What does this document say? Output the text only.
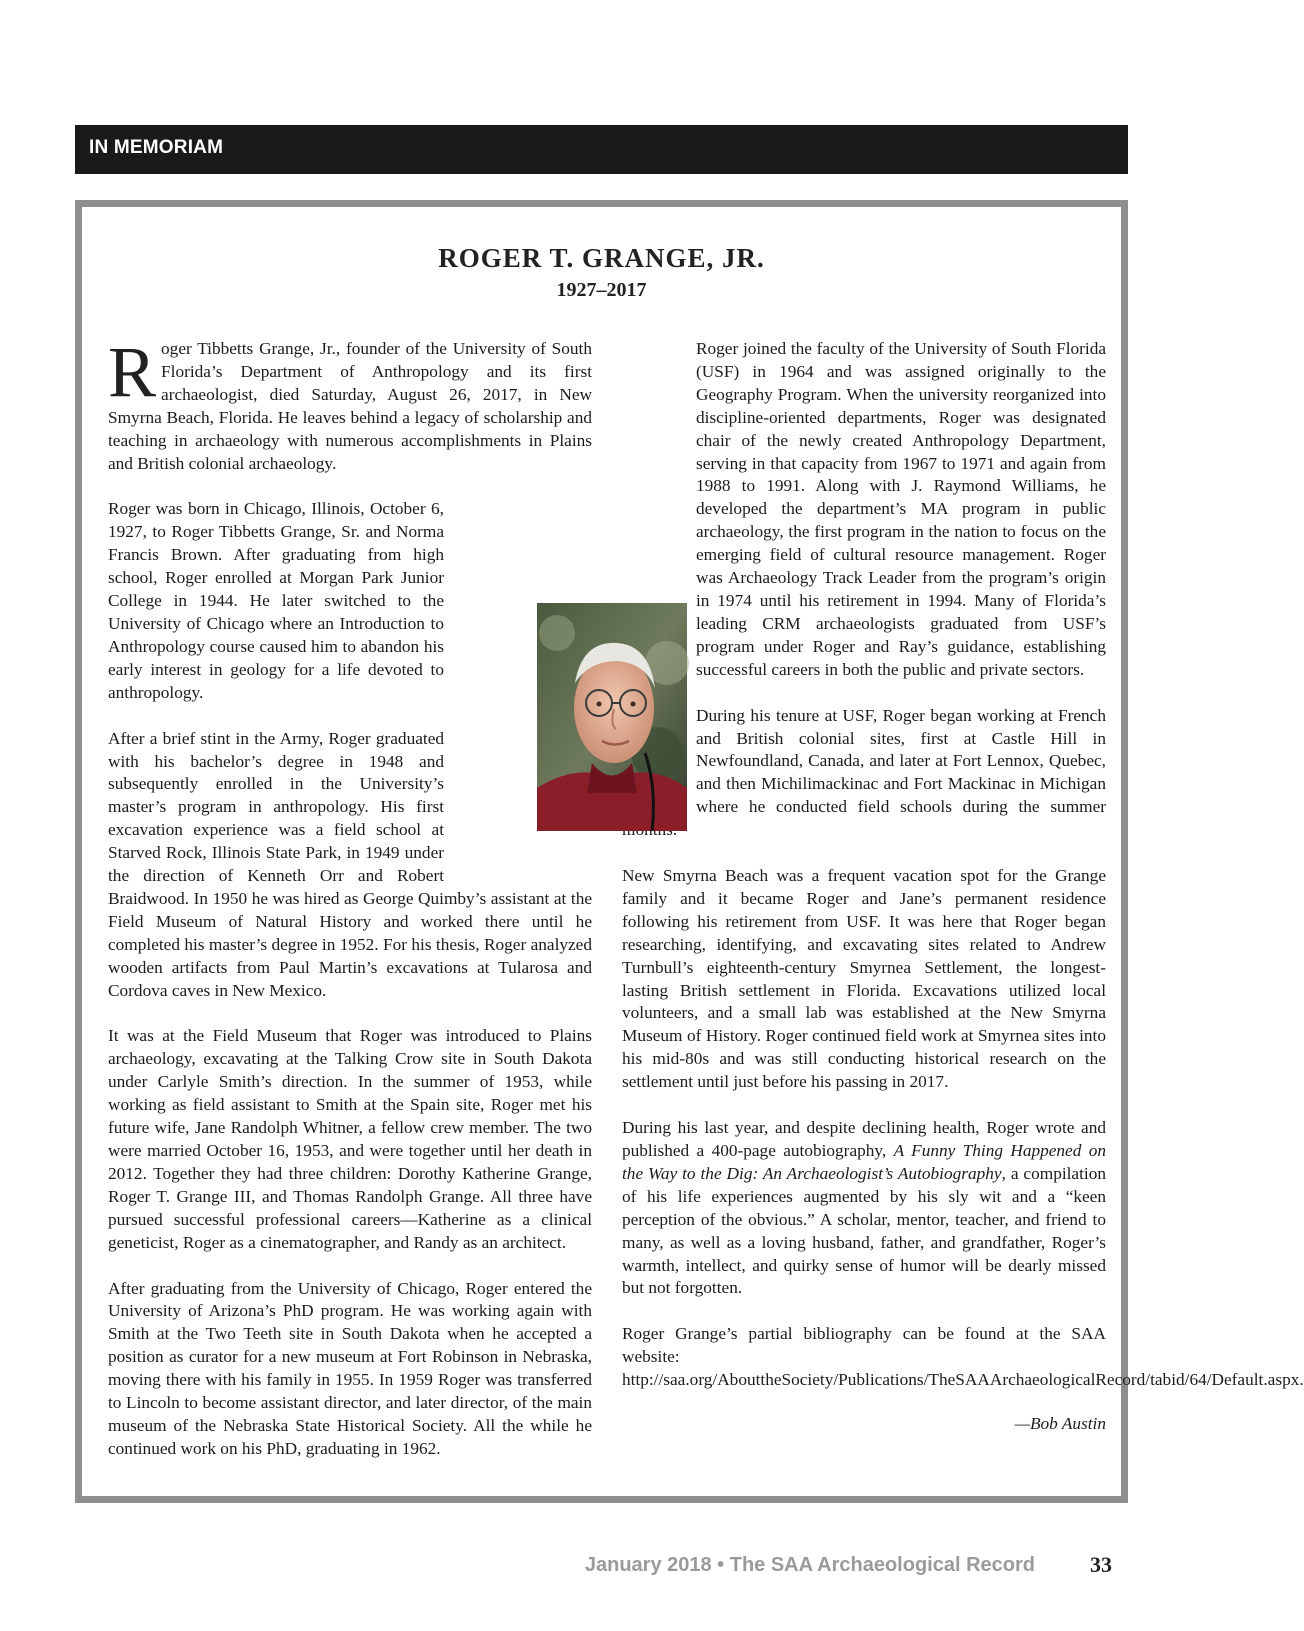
IN MEMORIAM
ROGER T. GRANGE, JR.
1927–2017

Roger Tibbetts Grange, Jr., founder of the University of South Florida’s Department of Anthropology and its first archaeologist, died Saturday, August 26, 2017, in New Smyrna Beach, Florida. He leaves behind a legacy of scholarship and teaching in archaeology with numerous accomplishments in Plains and British colonial archaeology.

Roger was born in Chicago, Illinois, October 6, 1927, to Roger Tibbetts Grange, Sr. and Norma Francis Brown. After graduating from high school, Roger enrolled at Morgan Park Junior College in 1944. He later switched to the University of Chicago where an Introduction to Anthropology course caused him to abandon his early interest in geology for a life devoted to anthropology.

After a brief stint in the Army, Roger graduated with his bachelor’s degree in 1948 and subsequently enrolled in the University’s master’s program in anthropology. His first excavation experience was a field school at Starved Rock, Illinois State Park, in 1949 under the direction of Kenneth Orr and Robert Braidwood. In 1950 he was hired as George Quimby’s assistant at the Field Museum of Natural History and worked there until he completed his master’s degree in 1952. For his thesis, Roger analyzed wooden artifacts from Paul Martin’s excavations at Tularosa and Cordova caves in New Mexico.

It was at the Field Museum that Roger was introduced to Plains archaeology, excavating at the Talking Crow site in South Dakota under Carlyle Smith’s direction. In the summer of 1953, while working as field assistant to Smith at the Spain site, Roger met his future wife, Jane Randolph Whitner, a fellow crew member. The two were married October 16, 1953, and were together until her death in 2012. Together they had three children: Dorothy Katherine Grange, Roger T. Grange III, and Thomas Randolph Grange. All three have pursued successful professional careers—Katherine as a clinical geneticist, Roger as a cinematographer, and Randy as an architect.

After graduating from the University of Chicago, Roger entered the University of Arizona’s PhD program. He was working again with Smith at the Two Teeth site in South Dakota when he accepted a position as curator for a new museum at Fort Robinson in Nebraska, moving there with his family in 1955. In 1959 Roger was transferred to Lincoln to become assistant director, and later director, of the main museum of the Nebraska State Historical Society. All the while he continued work on his PhD, graduating in 1962.

Roger joined the faculty of the University of South Florida (USF) in 1964 and was assigned originally to the Geography Program. When the university reorganized into discipline-oriented departments, Roger was designated chair of the newly created Anthropology Department, serving in that capacity from 1967 to 1971 and again from 1988 to 1991. Along with J. Raymond Williams, he developed the department’s MA program in public archaeology, the first program in the nation to focus on the emerging field of cultural resource management. Roger was Archaeology Track Leader from the program’s origin in 1974 until his retirement in 1994. Many of Florida’s leading CRM archaeologists graduated from USF’s program under Roger and Ray’s guidance, establishing successful careers in both the public and private sectors.

During his tenure at USF, Roger began working at French and British colonial sites, first at Castle Hill in Newfoundland, Canada, and later at Fort Lennox, Quebec, and then Michilimackinac and Fort Mackinac in Michigan where he conducted field schools during the summer

New Smyrna Beach was a frequent vacation spot for the Grange family and it became Roger and Jane’s permanent residence following his retirement from USF. It was here that Roger began researching, identifying, and excavating sites related to Andrew Turnbull’s eighteenth-century Smyrnea Settlement, the longest-lasting British settlement in Florida. Excavations utilized local volunteers, and a small lab was established at the New Smyrna Museum of History. Roger continued field work at Smyrnea sites into his mid-80s and was still conducting historical research on the settlement until just before his passing in 2017.

During his last year, and despite declining health, Roger wrote and published a 400-page autobiography, A Funny Thing Happened on the Way to the Dig: An Archaeologist’s Autobiography, a compilation of his life experiences augmented by his sly wit and a “keen perception of the obvious.” A scholar, mentor, teacher, and friend to many, as well as a loving husband, father, and grandfather, Roger’s warmth, intellect, and quirky sense of humor will be dearly missed but not forgotten.

Roger Grange’s partial bibliography can be found at the SAA website: http://saa.org/AbouttheSociety/Publications/TheSAAArchaeologicalRecord/tabid/64/Default.aspx.

—Bob Austin
January 2018 • The SAA Archaeological Record	33
